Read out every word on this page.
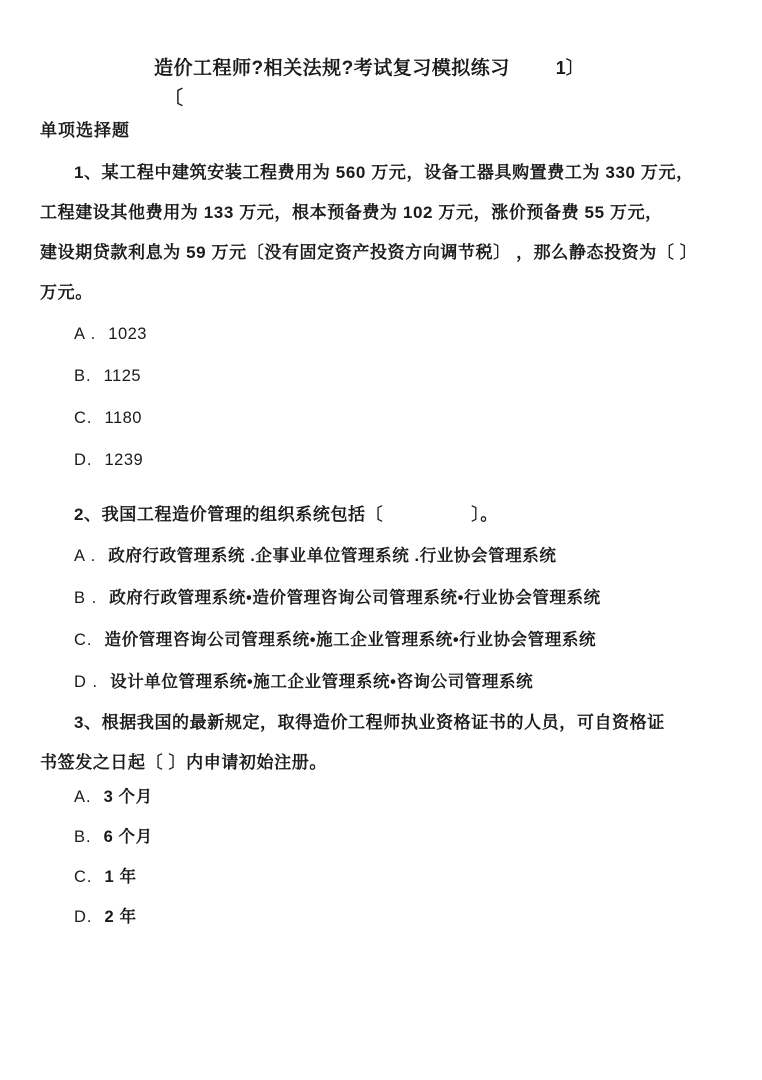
造价工程师?相关法规?考试复习模拟练习	1〕
〔
单项选择题

1、某工程中建筑安装工程费用为 560 万元，设备工器具购置费工为 330 万元，

工程建设其他费用为 133 万元，根本预备费为 102 万元，涨价预备费 55 万元，

建设期贷款利息为 59 万元〔没有固定资产投资方向调节税〕 ，那么静态投资为〔 〕

万元。

A . 1023
B. 1125
C. 1180
D. 1239

2、我国工程造价管理的组织系统包括〔　　　　　〕。

A . 政府行政管理系统 .企事业单位管理系统 .行业协会管理系统
B . 政府行政管理系统•造价管理咨询公司管理系统•行业协会管理系统
C. 造价管理咨询公司管理系统•施工企业管理系统•行业协会管理系统
D . 设计单位管理系统•施工企业管理系统•咨询公司管理系统

3、根据我国的最新规定，取得造价工程师执业资格证书的人员，可自资格证

书签发之日起〔 〕内申请初始注册。

A. 3 个月
B. 6 个月
C. 1 年
D. 2 年
